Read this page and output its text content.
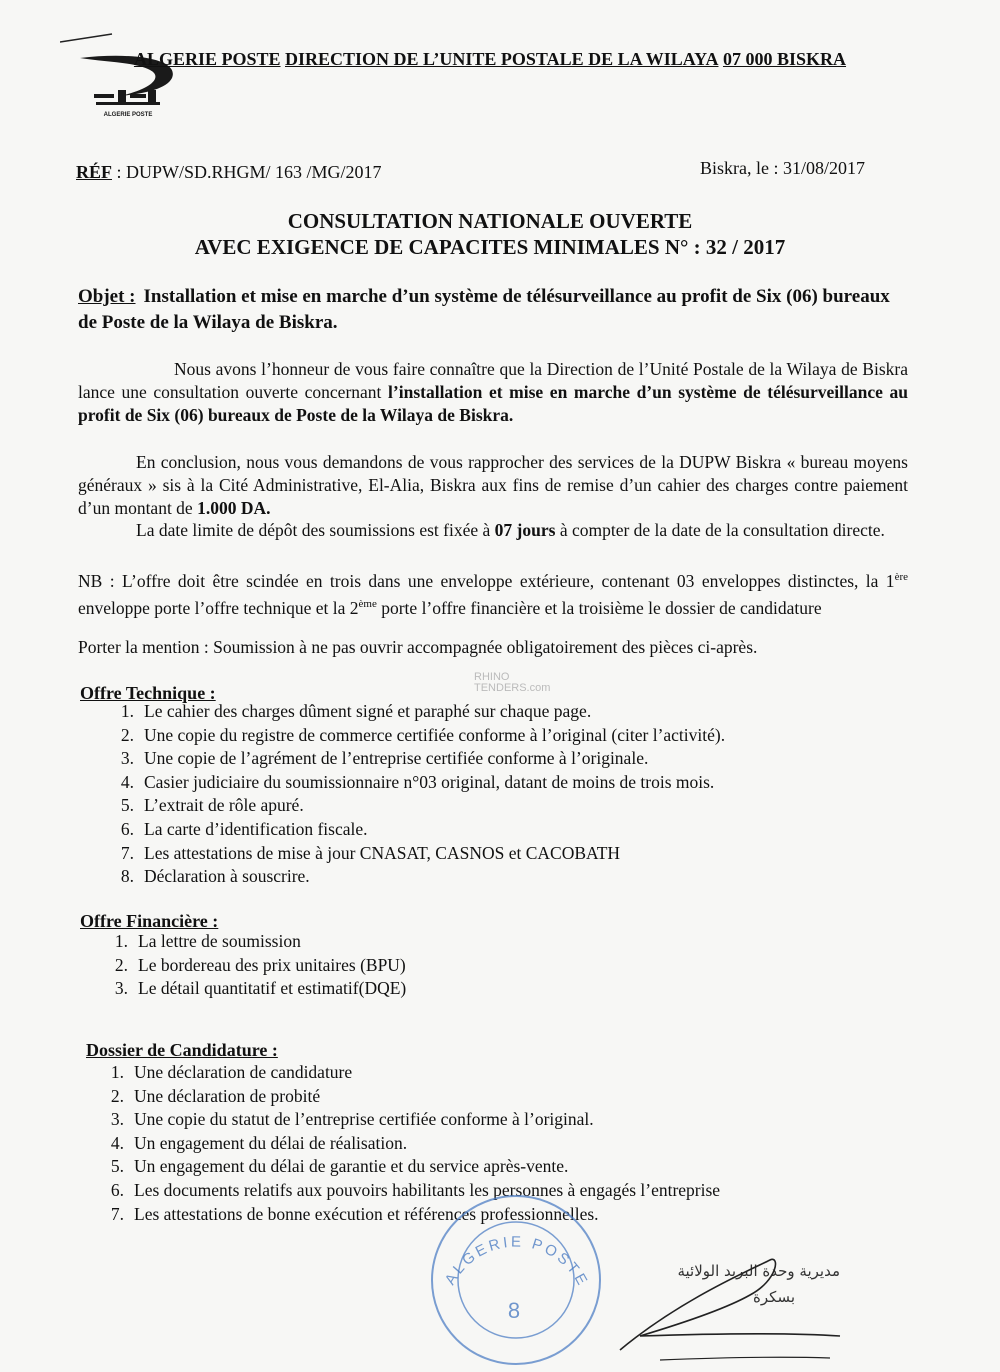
ALGERIE POSTE
ALGERIE POSTE DIRECTION DE L’UNITE POSTALE DE LA WILAYA 07 000 BISKRA
RÉF : DUPW/SD.RHGM/ 163 /MG/2017	Biskra, le : 31/08/2017
CONSULTATION NATIONALE OUVERTE
AVEC EXIGENCE DE CAPACITES MINIMALES N° : 32 / 2017
Objet : Installation et mise en marche d’un système de télésurveillance au profit de Six (06) bureaux de Poste de la Wilaya de Biskra.
Nous avons l’honneur de vous faire connaître que la Direction de l’Unité Postale de la Wilaya de Biskra lance une consultation ouverte concernant l’installation et mise en marche d’un système de télésurveillance au profit de Six (06) bureaux de Poste de la Wilaya de Biskra.
En conclusion, nous vous demandons de vous rapprocher des services de la DUPW Biskra « bureau moyens généraux » sis à la Cité Administrative, El-Alia, Biskra aux fins de remise d’un cahier des charges contre paiement d’un montant de 1.000 DA.
La date limite de dépôt des soumissions est fixée à 07 jours à compter de la date de la consultation directe.
NB : L’offre doit être scindée en trois dans une enveloppe extérieure, contenant 03 enveloppes distinctes, la 1ère enveloppe porte l’offre technique et la 2ème porte l’offre financière et la troisième le dossier de candidature
Porter la mention : Soumission à ne pas ouvrir accompagnée obligatoirement des pièces ci-après.
RHINO
TENDERS.com
Offre Technique :
1. Le cahier des charges dûment signé et paraphé sur chaque page.
2. Une copie du registre de commerce certifiée conforme à l’original (citer l’activité).
3. Une copie de l’agrément de l’entreprise certifiée conforme à l’originale.
4. Casier judiciaire du soumissionnaire n°03 original, datant de moins de trois mois.
5. L’extrait de rôle apuré.
6. La carte d’identification fiscale.
7. Les attestations de mise à jour CNASAT, CASNOS et CACOBATH
8. Déclaration à souscrire.
Offre Financière :
1. La lettre de soumission
2. Le bordereau des prix unitaires (BPU)
3. Le détail quantitatif et estimatif(DQE)
Dossier de Candidature :
1. Une déclaration de candidature
2. Une déclaration de probité
3. Une copie du statut de l’entreprise certifiée conforme à l’original.
4. Un engagement du délai de réalisation.
5. Un engagement du délai de garantie et du service après-vente.
6. Les documents relatifs aux pouvoirs habilitants les personnes à engagés l’entreprise
7. Les attestations de bonne exécution et références professionnelles.
ALGERIE POSTE
8
مديرية وحدة البريد الولائية
بسكرة
